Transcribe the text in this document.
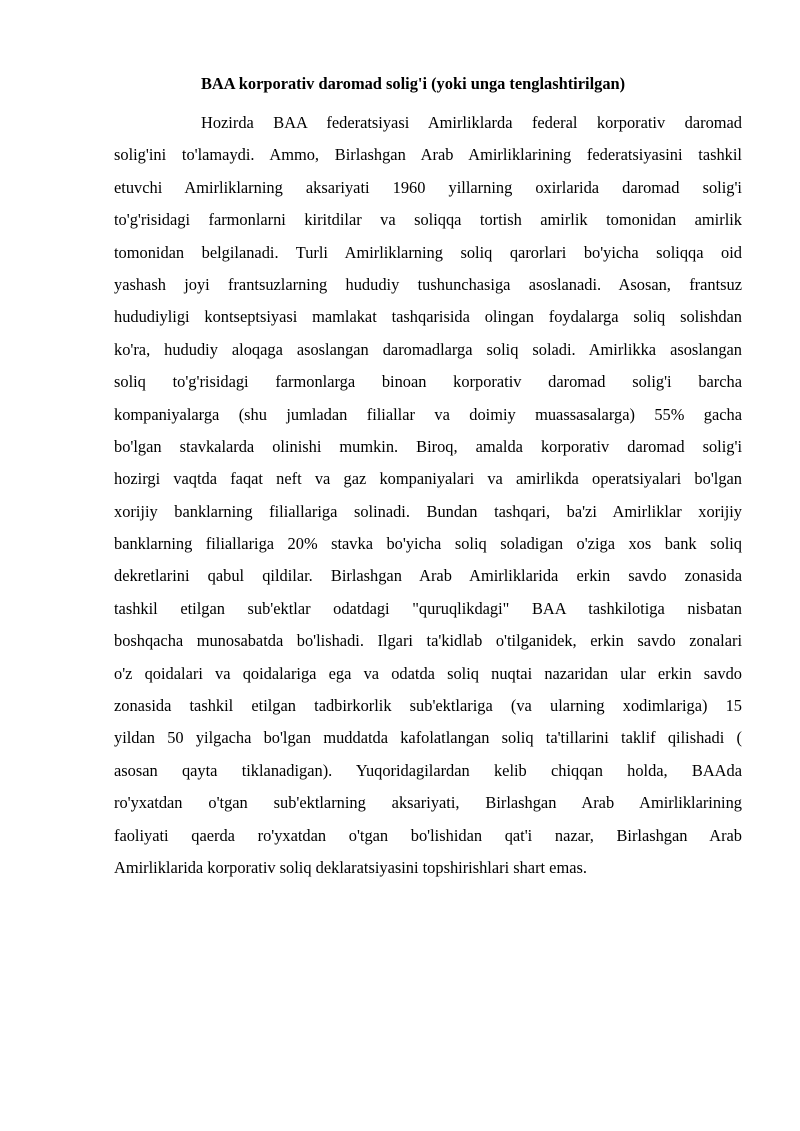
BAA korporativ daromad solig'i (yoki unga tenglashtirilgan)
Hozirda BAA federatsiyasi Amirliklarda federal korporativ daromad
solig'ini to'lamaydi. Ammo, Birlashgan Arab Amirliklarining federatsiyasini tashkil
etuvchi Amirliklarning aksariyati 1960 yillarning oxirlarida daromad solig'i
to'g'risidagi farmonlarni kiritdilar va soliqqa tortish amirlik tomonidan amirlik
tomonidan belgilanadi. Turli Amirliklarning soliq qarorlari bo'yicha soliqqa oid
yashash joyi frantsuzlarning hududiy tushunchasiga asoslanadi. Asosan, frantsuz
hududiyligi kontseptsiyasi mamlakat tashqarisida olingan foydalarga soliq solishdan
ko'ra, hududiy aloqaga asoslangan daromadlarga soliq soladi. Amirlikka asoslangan
soliq to'g'risidagi farmonlarga binoan korporativ daromad solig'i barcha
kompaniyalarga (shu jumladan filiallar va doimiy muassasalarga) 55% gacha
bo'lgan stavkalarda olinishi mumkin. Biroq, amalda korporativ daromad solig'i
hozirgi vaqtda faqat neft va gaz kompaniyalari va amirlikda operatsiyalari bo'lgan
xorijiy banklarning filiallariga solinadi. Bundan tashqari, ba'zi Amirliklar xorijiy
banklarning filiallariga 20% stavka bo'yicha soliq soladigan o'ziga xos bank soliq
dekretlarini qabul qildilar. Birlashgan Arab Amirliklarida erkin savdo zonasida
tashkil etilgan sub'ektlar odatdagi "quruqlikdagi" BAA tashkilotiga nisbatan
boshqacha munosabatda bo'lishadi. Ilgari ta'kidlab o'tilganidek, erkin savdo zonalari
o'z qoidalari va qoidalariga ega va odatda soliq nuqtai nazaridan ular erkin savdo
zonasida tashkil etilgan tadbirkorlik sub'ektlariga (va ularning xodimlariga) 15
yildan 50 yilgacha bo'lgan muddatda kafolatlangan soliq ta'tillarini taklif qilishadi (
asosan qayta tiklanadigan). Yuqoridagilardan kelib chiqqan holda, BAAda
ro'yxatdan o'tgan sub'ektlarning aksariyati, Birlashgan Arab Amirliklarining
faoliyati qaerda ro'yxatdan o'tgan bo'lishidan qat'i nazar, Birlashgan Arab
Amirliklarida korporativ soliq deklaratsiyasini topshirishlari shart emas.
